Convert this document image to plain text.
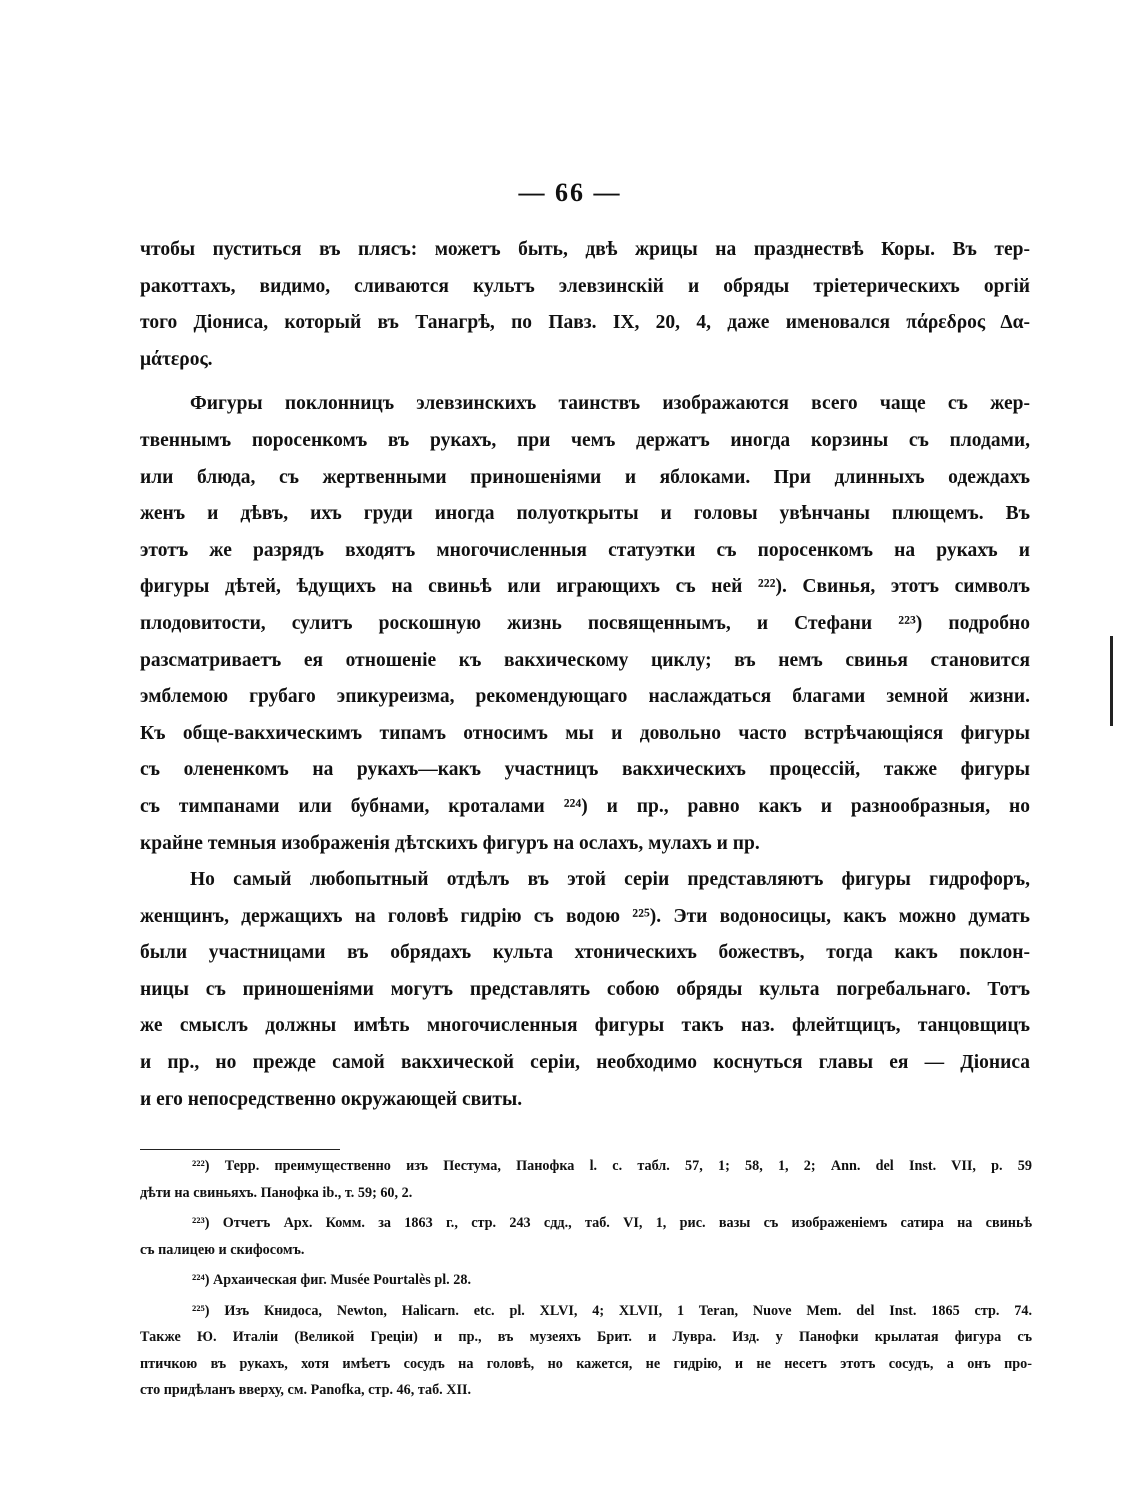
— 66 —
чтобы пуститься въ плясъ: можетъ быть, двѣ жрицы на празднествѣ Коры. Въ тер-
ракоттахъ, видимо, сливаются культъ элевзинскій и обряды тріетерическихъ оргій
того Діониса, который въ Танагрѣ, по Павз. IX, 20, 4, даже именовался πάρεδρος Δα-
μάτερος.
Фигуры поклонницъ элевзинскихъ таинствъ изображаются всего чаще съ жер-
твеннымъ поросенкомъ въ рукахъ, при чемъ держатъ иногда корзины съ плодами,
или блюда, съ жертвенными приношеніями и яблоками. При длинныхъ одеждахъ
женъ и дѣвъ, ихъ груди иногда полуоткрыты и головы увѣнчаны плющемъ. Въ
этотъ же разрядъ входятъ многочисленныя статуэтки съ поросенкомъ на рукахъ и
фигуры дѣтей, ѣдущихъ на свиньѣ или играющихъ съ ней ²²²). Свинья, этотъ символъ
плодовитости, сулитъ роскошную жизнь посвященнымъ, и Стефани ²²³) подробно
разсматриваетъ ея отношеніе къ вакхическому циклу; въ немъ свинья становится
эмблемою грубаго эпикуреизма, рекомендующаго наслаждаться благами земной жизни.
Къ обще-вакхическимъ типамъ относимъ мы и довольно часто встрѣчающіяся фигуры
съ олененкомъ на рукахъ—какъ участницъ вакхическихъ процессій, также фигуры
съ тимпанами или бубнами, кроталами ²²⁴) и пр., равно какъ и разнообразныя, но
крайне темныя изображенія дѣтскихъ фигуръ на ослахъ, мулахъ и пр.
Но самый любопытный отдѣлъ въ этой серіи представляютъ фигуры гидрофоръ,
женщинъ, держащихъ на головѣ гидрію съ водою ²²⁵). Эти водоносицы, какъ можно думать
были участницами въ обрядахъ культа хтоническихъ божествъ, тогда какъ поклон-
ницы съ приношеніями могутъ представлять собою обряды культа погребальнаго. Тотъ
же смыслъ должны имѣть многочисленныя фигуры такъ наз. флейтщицъ, танцовщицъ
и пр., но прежде самой вакхической серіи, необходимо коснуться главы ея — Діониса
и его непосредственно окружающей свиты.
²²²) Терр. преимущественно изъ Пестума, Панофка l. c. табл. 57, 1; 58, 1, 2; Ann. del Inst. VII, p. 59
дѣти на свиньяхъ. Панофка ib., т. 59; 60, 2.
²²³) Отчетъ Арх. Комм. за 1863 г., стр. 243 сдд., таб. VI, 1, рис. вазы съ изображеніемъ сатира на свиньѣ
съ палицею и скифосомъ.
²²⁴) Архаическая фиг. Musée Pourtalès pl. 28.
²²⁵) Изъ Книдоса, Newton, Halicarn. etc. pl. XLVI, 4; XLVII, 1 Teran, Nuove Mem. del Inst. 1865 стр. 74.
Также Ю. Италіи (Великой Греціи) и пр., въ музеяхъ Брит. и Лувра. Изд. у Панофки крылатая фигура съ
птичкою въ рукахъ, хотя имѣетъ сосудъ на головѣ, но кажется, не гидрію, и не несетъ этотъ сосудъ, а онъ про-
сто придѣланъ вверху, см. Panofka, стр. 46, таб. XII.
